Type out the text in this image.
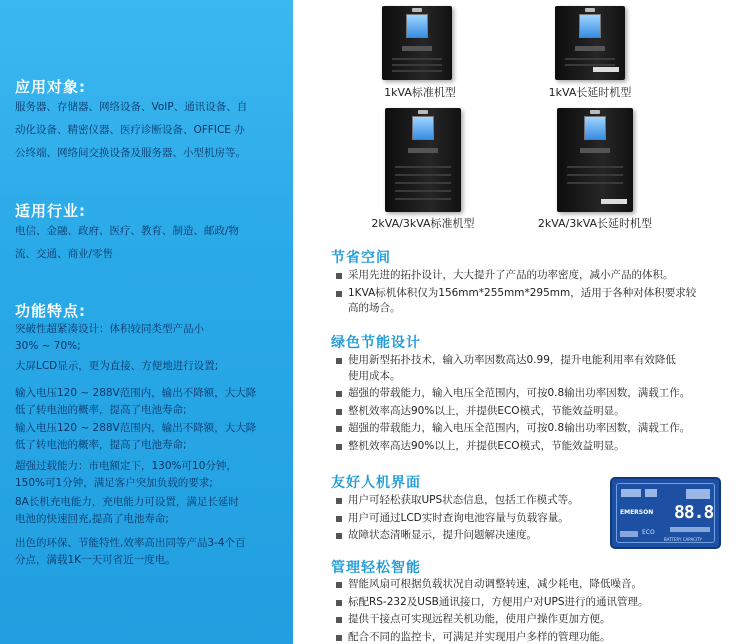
应用对象:
服务器、存储器、网络设备、VoIP、通讯设备、自
动化设备、精密仪器、医疗诊断设备、OFFICE 办
公终端、网络间交换设备及服务器、小型机房等。
适用行业:
电信、金融、政府、医疗、教育、制造、邮政/物
流、交通、商业/零售
功能特点:
突破性超紧凑设计：体积较同类型产品小
30% ~ 70%;
大屏LCD显示，更为直接、方便地进行设置;
输入电压120 ~ 288V范围内，输出不降额，大大降
低了转电池的概率，提高了电池寿命;
输入电压120 ~ 288V范围内，输出不降额，大大降
低了转电池的概率，提高了电池寿命;
超强过载能力：市电额定下，130%可10分钟，
150%可1分钟，满足客户突加负载的要求;
8A长机充电能力，充电能力可设置，满足长延时
电池的快速回充,提高了电池寿命;
出色的环保、节能特性,效率高出同等产品3-4个百
分点，满载1K一天可省近一度电。
1kVA标准机型	1kVA长延时机型
2kVA/3kVA标准机型	2kVA/3kVA长延时机型
节省空间
采用先进的拓扑设计，大大提升了产品的功率密度，减小产品的体积。
1KVA标机体积仅为156mm*255mm*295mm，适用于各种对体积要求较
高的场合。
绿色节能设计
使用新型拓扑技术，输入功率因数高达0.99，提升电能利用率有效降低
使用成本。
超强的带载能力，输入电压全范围内，可按0.8输出功率因数，满载工作。
整机效率高达90%以上，并提供ECO模式，节能效益明显。
超强的带载能力，输入电压全范围内，可按0.8输出功率因数，满载工作。
整机效率高达90%以上，并提供ECO模式，节能效益明显。
友好人机界面
用户可轻松获取UPS状态信息，包括工作模式等。
用户可通过LCD实时查询电池容量与负载容量。
故障状态清晰显示，提升问题解决速度。
EMERSON 88.8
ECO
BATTERY CAPACITY
管理轻松智能
智能风扇可根据负载状况自动调整转速，减少耗电，降低噪音。
标配RS-232及USB通讯接口，方便用户对UPS进行的通讯管理。
提供干接点可实现远程关机功能，使用户操作更加方便。
配合不同的监控卡，可满足并实现用户多样的管理功能。
